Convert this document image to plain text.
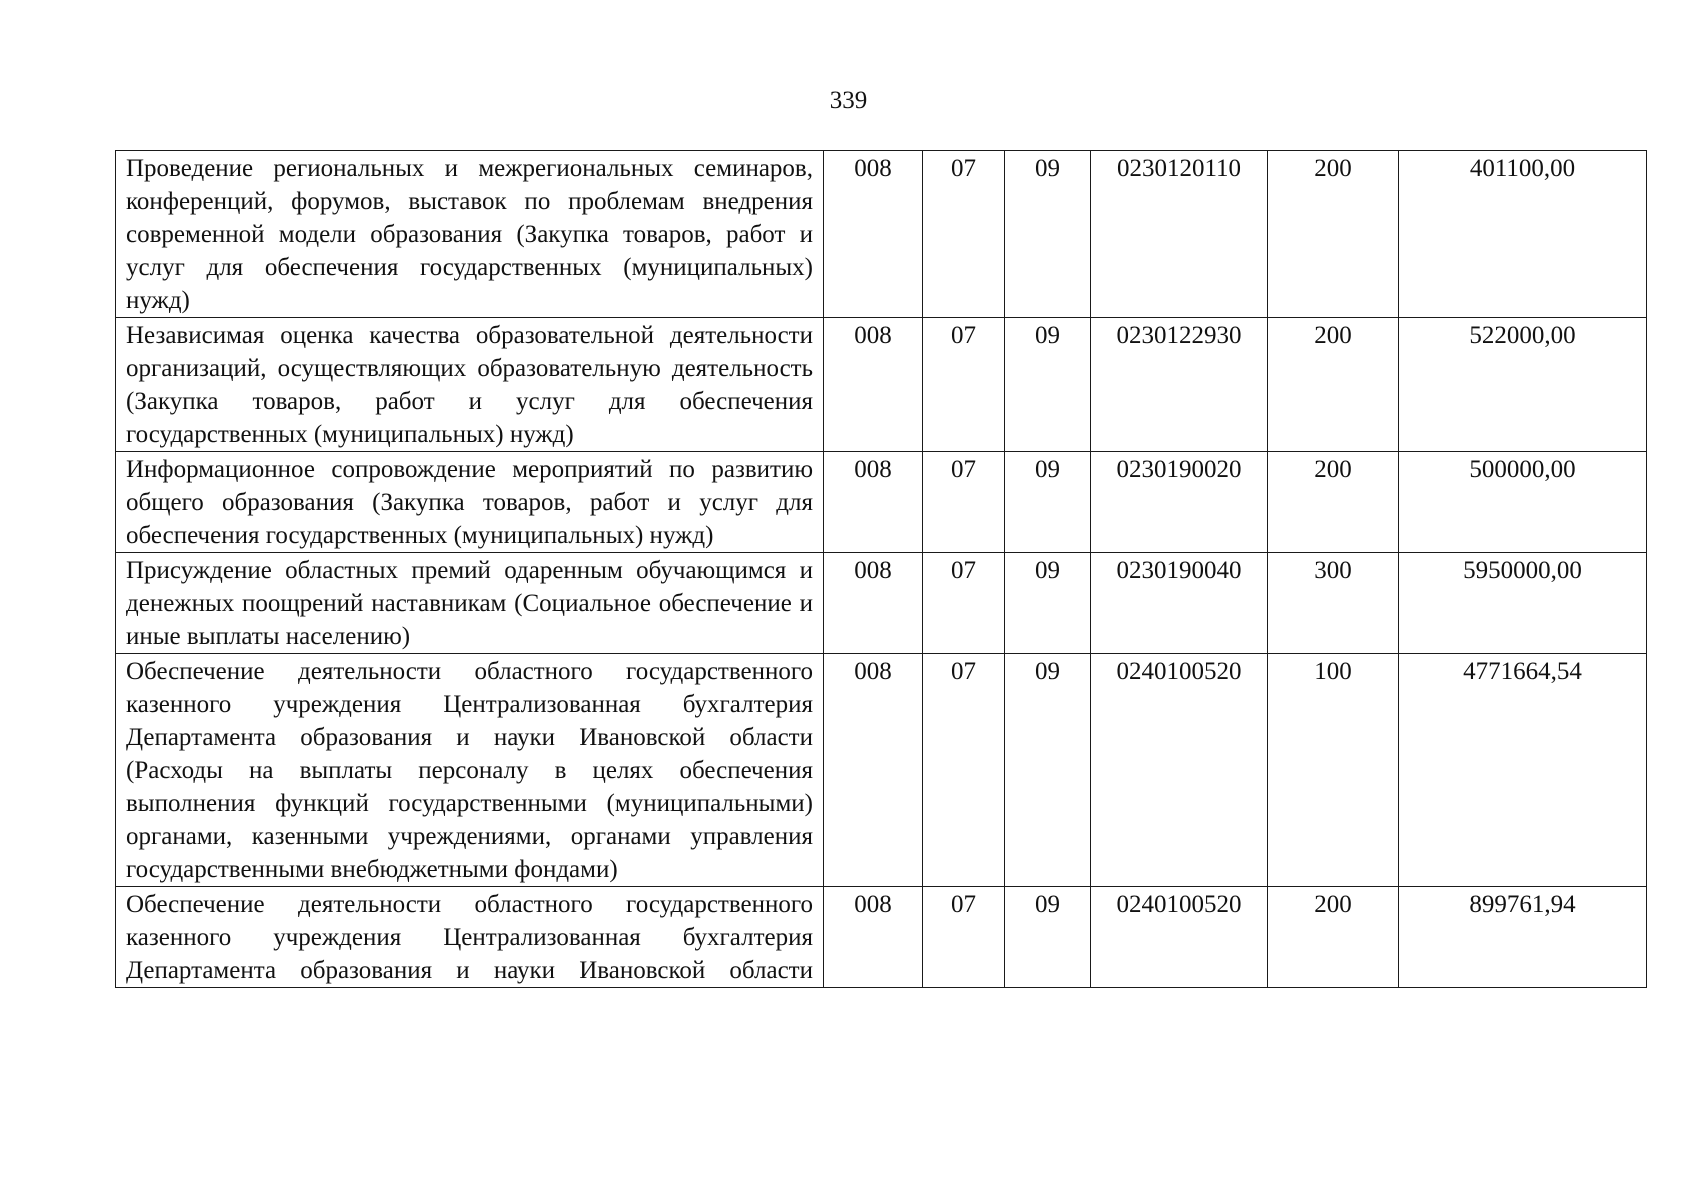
339
Проведение региональных и межрегиональных семинаров, конференций, форумов, выставок по проблемам внедрения современной модели образования (Закупка товаров, работ и услуг для обеспечения государственных (муниципальных) нужд)	008	07	09	0230120110	200	401100,00
Независимая оценка качества образовательной деятельности организаций, осуществляющих образовательную деятельность (Закупка товаров, работ и услуг для обеспечения государственных (муниципальных) нужд)	008	07	09	0230122930	200	522000,00
Информационное сопровождение мероприятий по развитию общего образования (Закупка товаров, работ и услуг для обеспечения государственных (муниципальных) нужд)	008	07	09	0230190020	200	500000,00
Присуждение областных премий одаренным обучающимся и денежных поощрений наставникам (Социальное обеспечение и иные выплаты населению)	008	07	09	0230190040	300	5950000,00
Обеспечение деятельности областного государственного казенного учреждения Централизованная бухгалтерия Департамента образования и науки Ивановской области (Расходы на выплаты персоналу в целях обеспечения выполнения функций государственными (муниципальными) органами, казенными учреждениями, органами управления государственными внебюджетными фондами)	008	07	09	0240100520	100	4771664,54
Обеспечение деятельности областного государственного казенного учреждения Централизованная бухгалтерия Департамента образования и науки Ивановской области	008	07	09	0240100520	200	899761,94
